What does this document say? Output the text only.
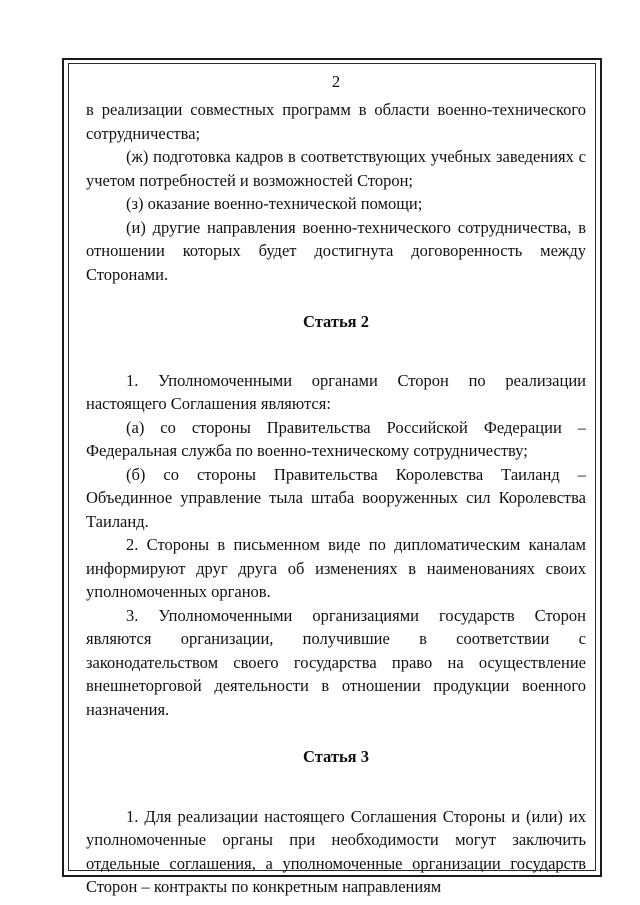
2

в реализации совместных программ в области военно-технического сотрудничества;

(ж) подготовка кадров в соответствующих учебных заведениях с учетом потребностей и возможностей Сторон;

(з) оказание военно-технической помощи;

(и) другие направления военно-технического сотрудничества, в отношении которых будет достигнута договоренность между Сторонами.

Статья 2

1. Уполномоченными органами Сторон по реализации настоящего Соглашения являются:

(а) со стороны Правительства Российской Федерации – Федеральная служба по военно-техническому сотрудничеству;

(б) со стороны Правительства Королевства Таиланд – Объединное управление тыла штаба вооруженных сил Королевства Таиланд.

2. Стороны в письменном виде по дипломатическим каналам информируют друг друга об изменениях в наименованиях своих уполномоченных органов.

3. Уполномоченными организациями государств Сторон являются организации, получившие в соответствии с законодательством своего государства право на осуществление внешнеторговой деятельности в отношении продукции военного назначения.

Статья 3

1. Для реализации настоящего Соглашения Стороны и (или) их уполномоченные органы при необходимости могут заключить отдельные соглашения, а уполномоченные организации государств Сторон – контракты по конкретным направлениям
